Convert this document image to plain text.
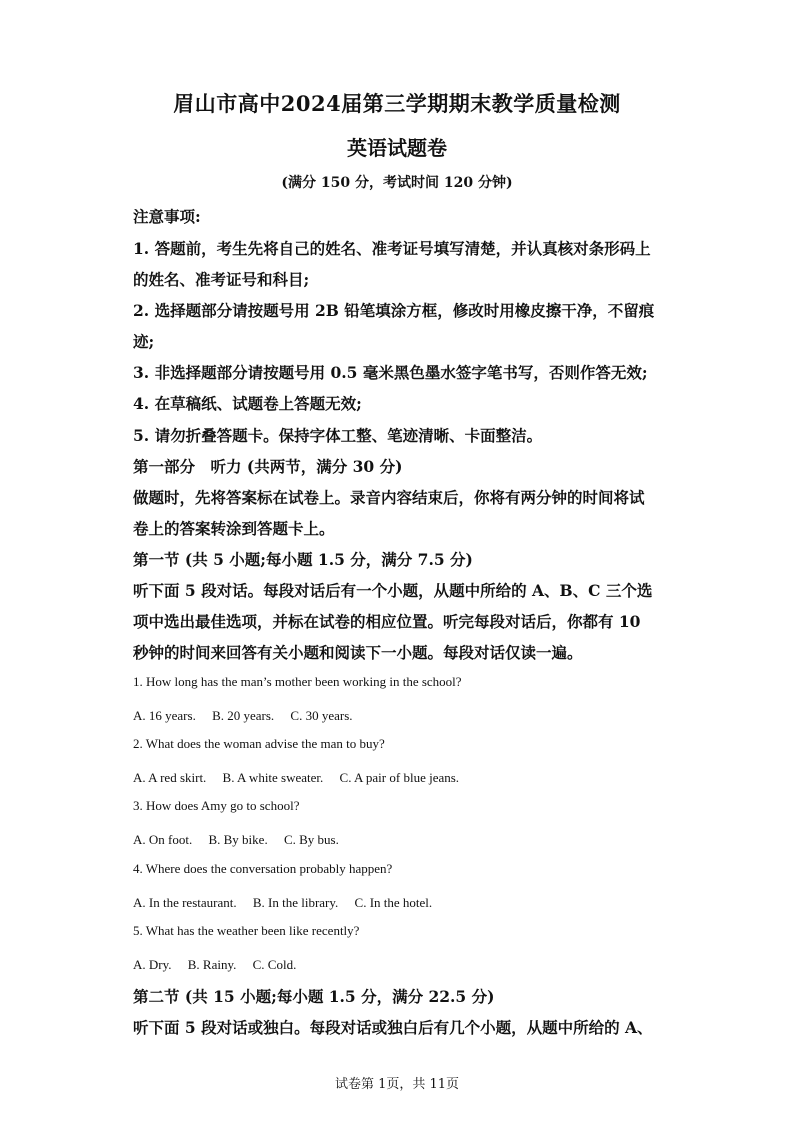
眉山市高中2024届第三学期期末教学质量检测
英语试题卷
(满分 150 分，考试时间 120 分钟)
注意事项:
1. 答题前，考生先将自己的姓名、准考证号填写清楚，并认真核对条形码上
的姓名、准考证号和科目;
2. 选择题部分请按题号用 2B 铅笔填涂方框，修改时用橡皮擦干净，不留痕
迹;
3. 非选择题部分请按题号用 0.5 毫米黑色墨水签字笔书写，否则作答无效;
4. 在草稿纸、试题卷上答题无效;
5. 请勿折叠答题卡。保持字体工整、笔迹清晰、卡面整洁。
第一部分　听力 (共两节，满分 30 分)
做题时，先将答案标在试卷上。录音内容结束后，你将有两分钟的时间将试
卷上的答案转涂到答题卡上。
第一节 (共 5 小题;每小题 1.5 分，满分 7.5 分)
听下面 5 段对话。每段对话后有一个小题，从题中所给的 A、B、C 三个选
项中选出最佳选项，并标在试卷的相应位置。听完每段对话后，你都有 10
秒钟的时间来回答有关小题和阅读下一小题。每段对话仅读一遍。
1. How long has the man’s mother been working in the school?
A. 16 years.　 B. 20 years.　 C. 30 years.
2. What does the woman advise the man to buy?
A. A red skirt.　 B. A white sweater.　 C. A pair of blue jeans.
3. How does Amy go to school?
A. On foot.　 B. By bike.　 C. By bus.
4. Where does the conversation probably happen?
A. In the restaurant.　 B. In the library.　 C. In the hotel.
5. What has the weather been like recently?
A. Dry.　 B. Rainy.　 C. Cold.
第二节 (共 15 小题;每小题 1.5 分，满分 22.5 分)
听下面 5 段对话或独白。每段对话或独白后有几个小题，从题中所给的 A、
试卷第 1页，共 11页
